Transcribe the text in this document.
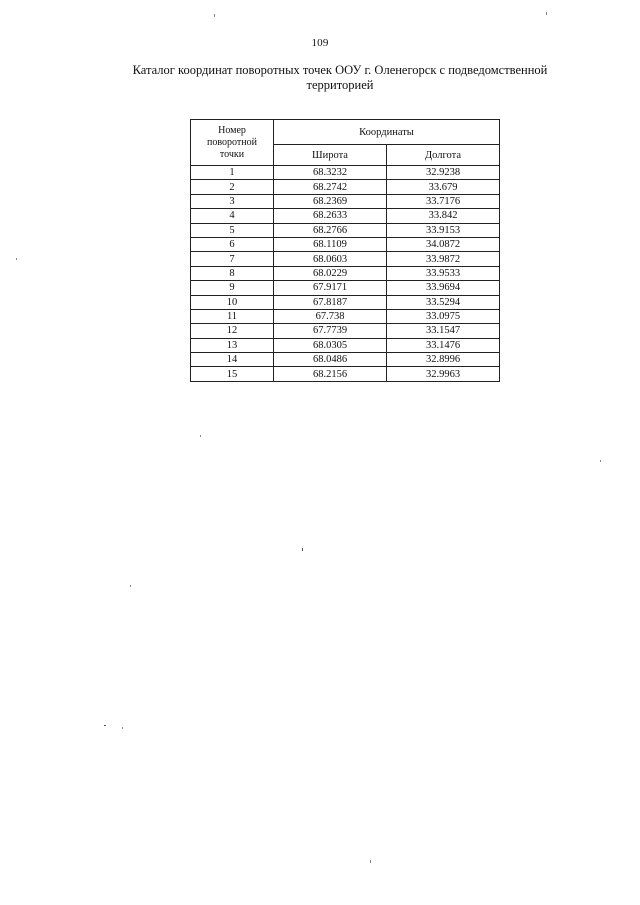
109
Каталог координат поворотных точек ООУ г. Оленегорск с подведомственной
территорией
Номер
поворотной
точки	Координаты	
	Широта	Долгота
1	68.3232	32.9238
2	68.2742	33.679
3	68.2369	33.7176
4	68.2633	33.842
5	68.2766	33.9153
6	68.1109	34.0872
7	68.0603	33.9872
8	68.0229	33.9533
9	67.9171	33.9694
10	67.8187	33.5294
11	67.738	33.0975
12	67.7739	33.1547
13	68.0305	33.1476
14	68.0486	32.8996
15	68.2156	32.9963
